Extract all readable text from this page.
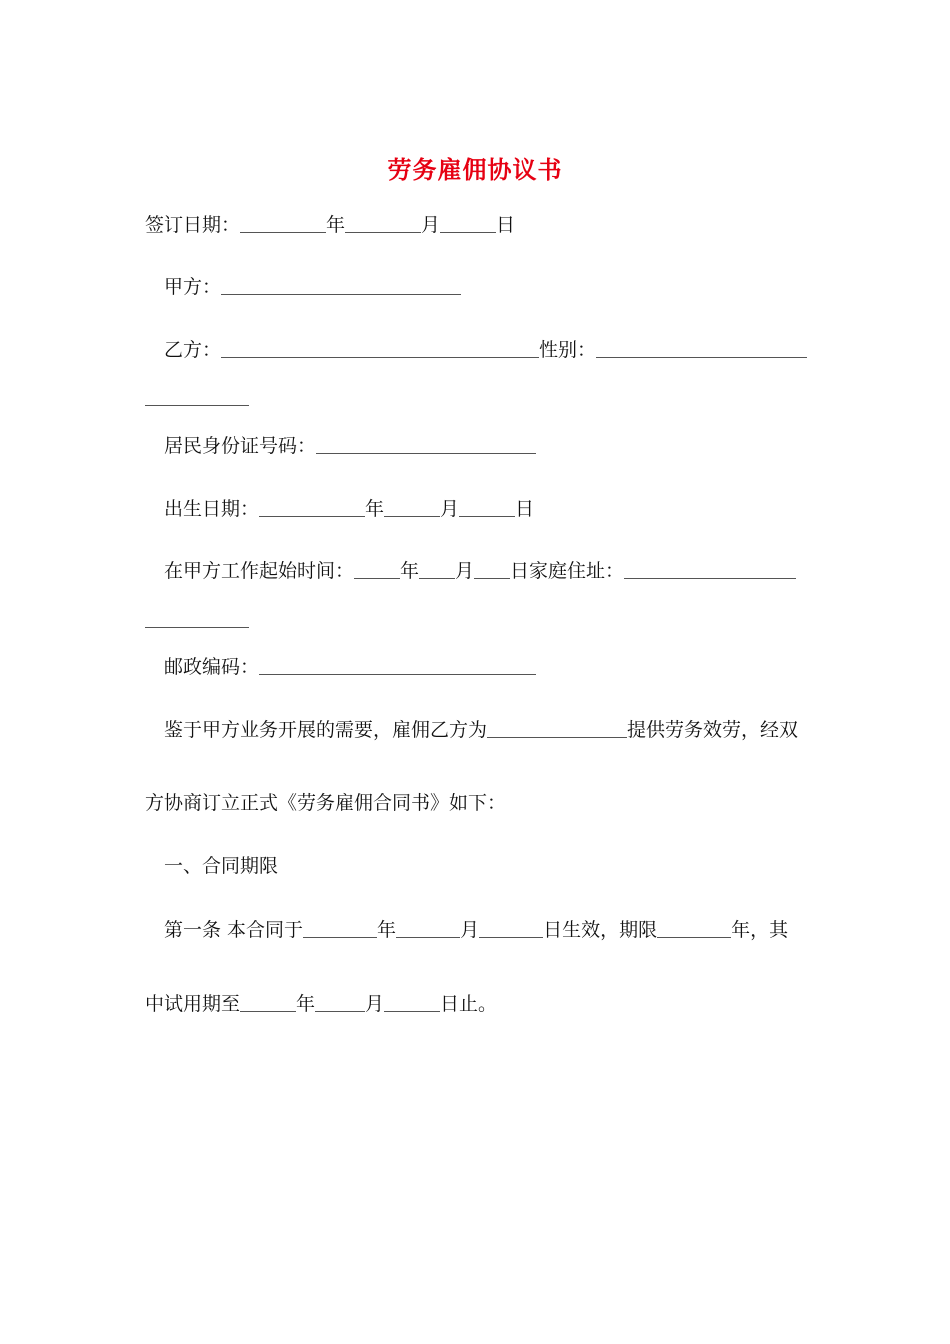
劳务雇佣协议书
签订日期：	年	月	日
甲方：
乙方：	性别：
居民身份证号码：
出生日期：	年	月	日
在甲方工作起始时间： 年 月 日家庭住址：
邮政编码：
鉴于甲方业务开展的需要，雇佣乙方为	提供劳务效劳，经双
方协商订立正式《劳务雇佣合同书》如下：
一、合同期限
第一条 本合同于	年	月	日生效，期限	年，其
中试用期至	年	月	日止。
